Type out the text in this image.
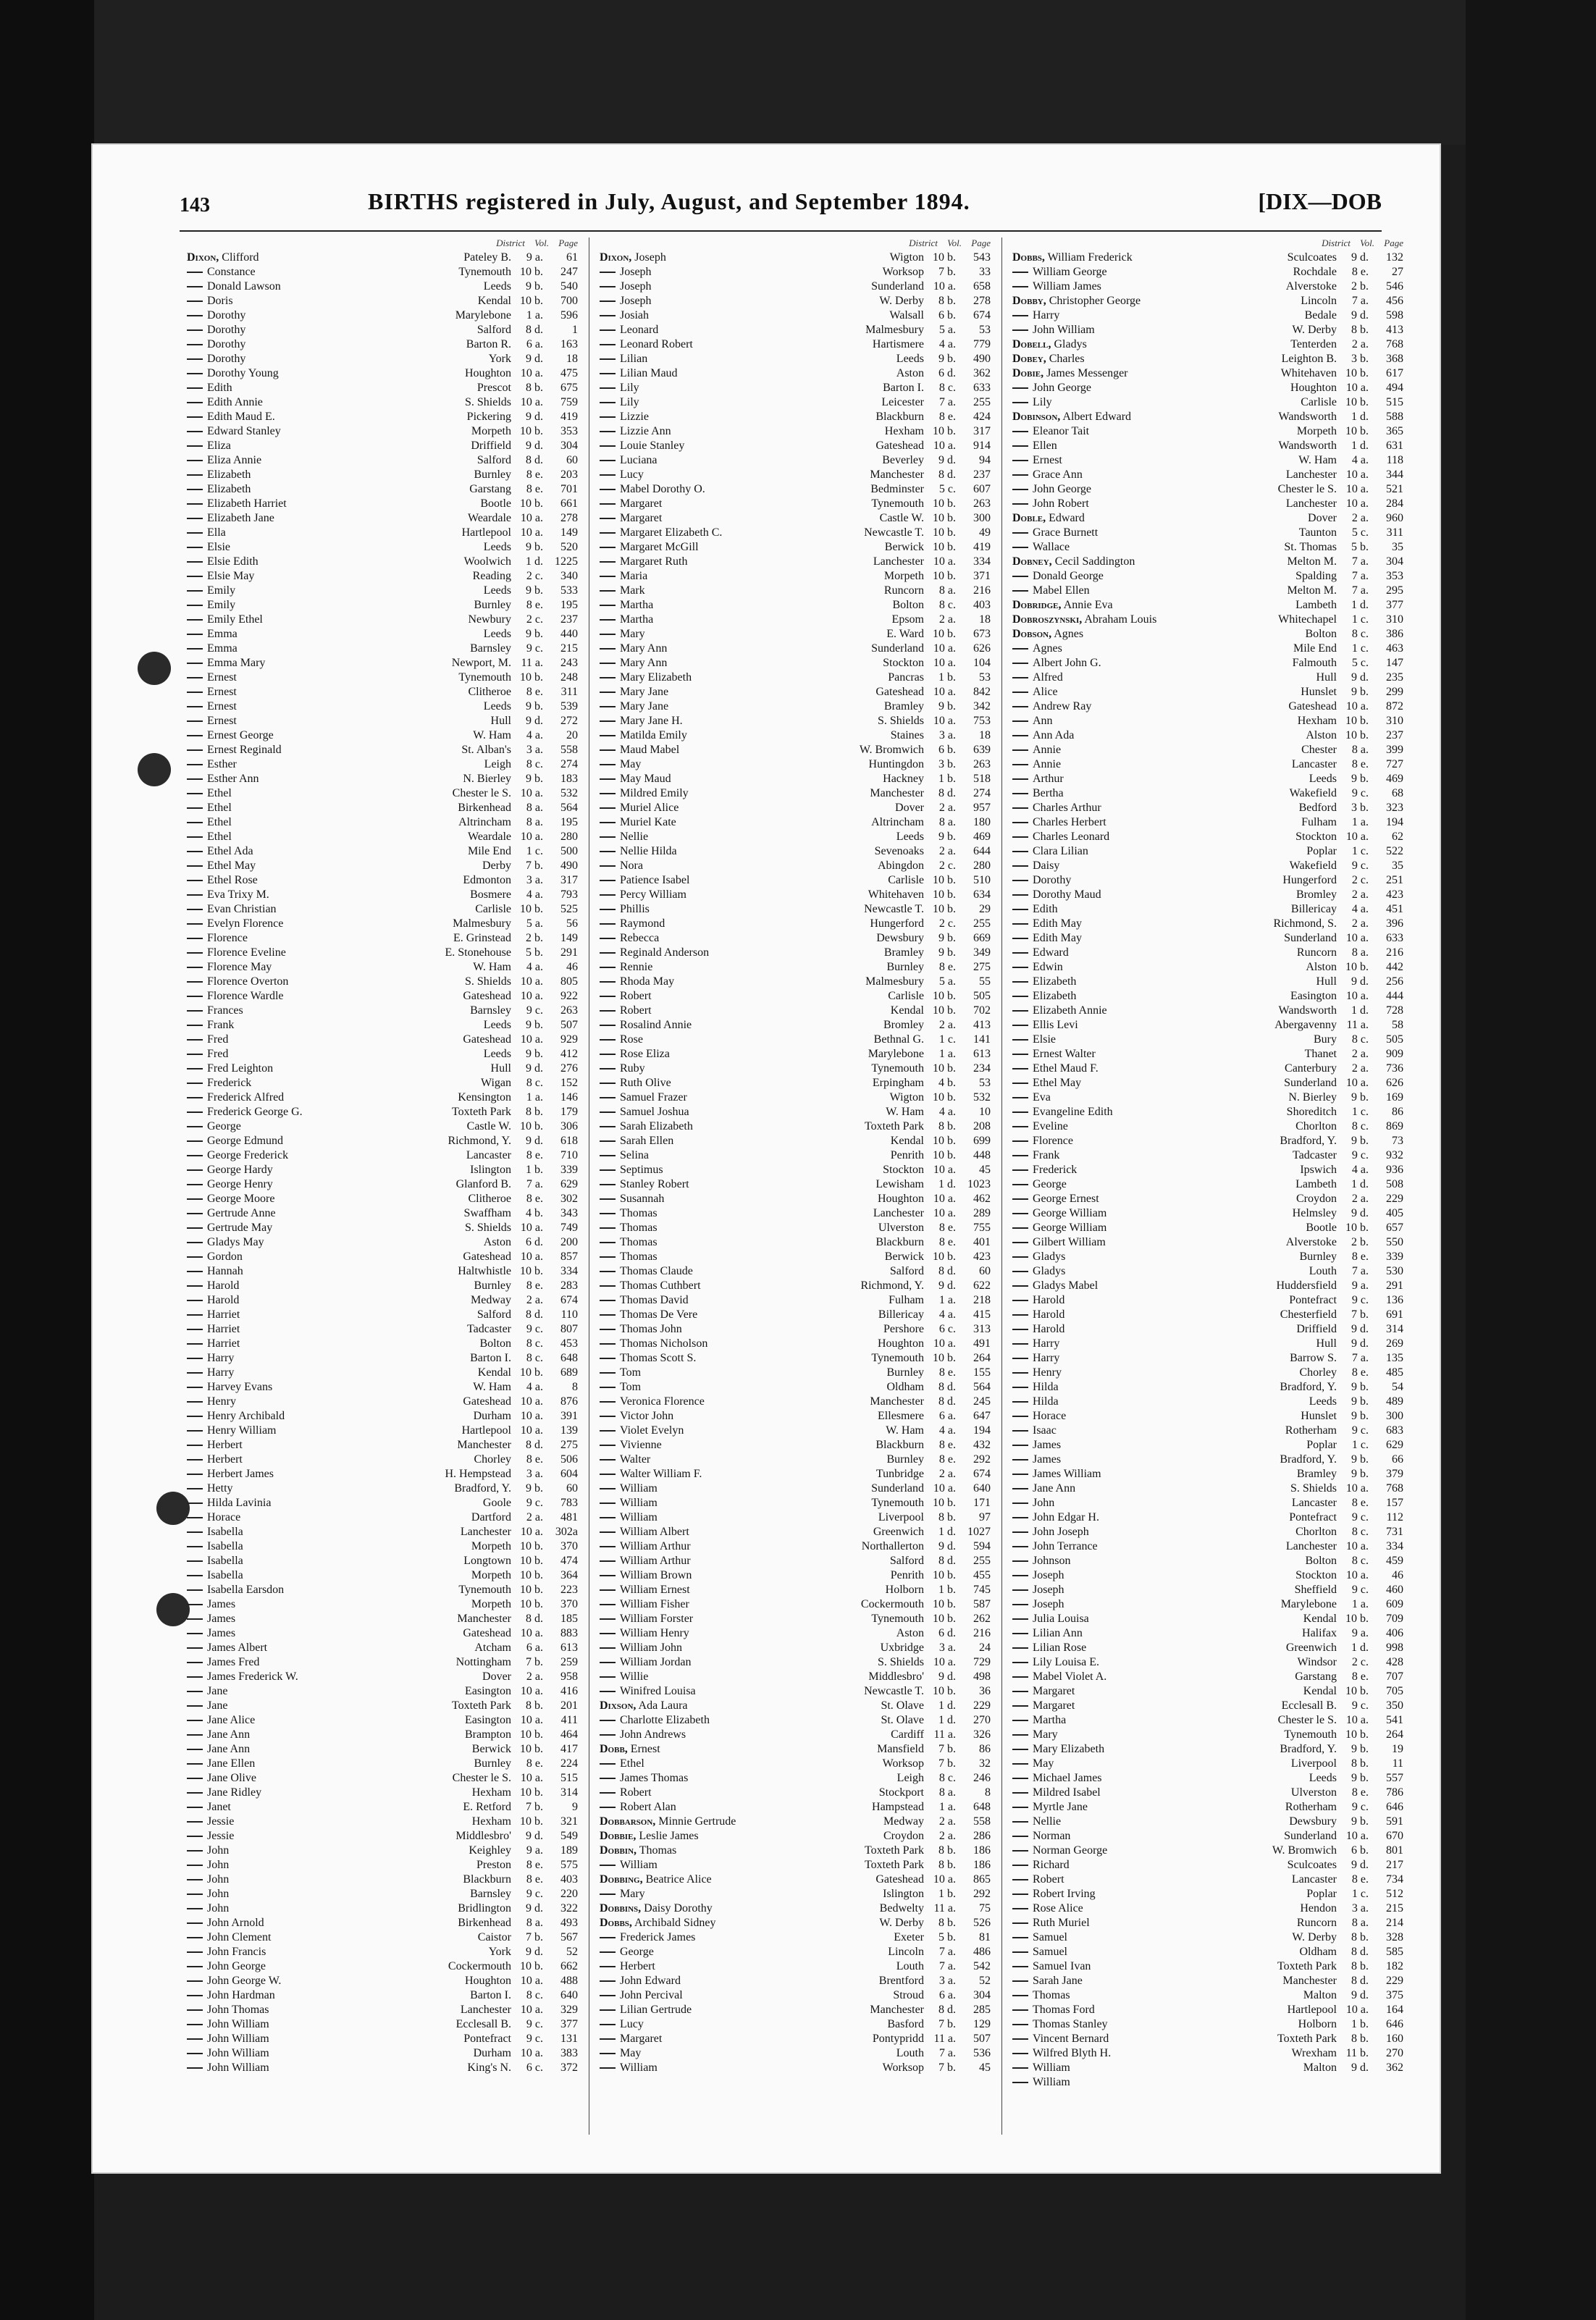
143	BIRTHS registered in July, August, and September 1894.	[DIX—DOB
District Vol. Page
Dixon, Clifford	Pateley B. 9 a. 61
Constance	Tynemouth 10 b. 247
Donald Lawson	Leeds 9 b. 540
Doris	Kendal 10 b. 700
Dorothy	Marylebone 1 a. 596
Dorothy	Salford 8 d.	1
Dorothy	Barton R. 6 a. 163
Dorothy	York 9 d. 18
Dorothy Young	Houghton 10 a. 475
Edith	Prescot 8 b. 675
Edith Annie	S. Shields 10 a. 759
Edith Maud E.	Pickering 9 d. 419
Edward Stanley	Morpeth 10 b. 353
Eliza	Driffield 9 d. 304
Eliza Annie	Salford 8 d. 60
Elizabeth	Burnley 8 e. 203
Elizabeth	Garstang 8 e. 701
Elizabeth Harriet	Bootle 10 b. 661
Elizabeth Jane	Weardale 10 a. 278
Ella	Hartlepool 10 a. 149
Elsie	Leeds 9 b. 520
Elsie Edith	Woolwich 1 d. 1225
Elsie May	Reading 2 c. 340
Emily	Leeds 9 b. 533
Emily	Burnley 8 e. 195
Emily Ethel	Newbury 2 c. 237
Emma	Leeds 9 b. 440
Emma	Barnsley 9 c. 215
Emma Mary	Newport, M. 11 a. 243
Ernest	Tynemouth 10 b. 248
Ernest	Clitheroe 8 e. 311
Ernest	Leeds 9 b. 539
Ernest	Hull 9 d. 272
Ernest George	W. Ham 4 a. 20
Ernest Reginald	St. Alban's 3 a. 558
Esther	Leigh 8 c. 274
Esther Ann	N. Bierley 9 b. 183
Ethel	Chester le S. 10 a. 532
Ethel	Birkenhead 8 a. 564
Ethel	Altrincham 8 a. 195
Ethel	Weardale 10 a. 280
Ethel Ada	Mile End 1 c. 500
Ethel May	Derby 7 b. 490
Ethel Rose	Edmonton 3 a. 317
Eva Trixy M.	Bosmere 4 a. 793
Evan Christian	Carlisle 10 b. 525
Evelyn Florence	Malmesbury 5 a. 56
Florence	E. Grinstead 2 b. 149
Florence Eveline	E. Stonehouse 5 b. 291
Florence May	W. Ham 4 a. 46
Florence Overton	S. Shields 10 a. 805
Florence Wardle	Gateshead 10 a. 922
Frances	Barnsley 9 c. 263
Frank	Leeds 9 b. 507
Fred	Gateshead 10 a. 929
Fred	Leeds 9 b. 412
Fred Leighton	Hull 9 d. 276
Frederick	Wigan 8 c. 152
Frederick Alfred	Kensington 1 a. 146
Frederick George G.	Toxteth Park 8 b. 179
George	Castle W. 10 b. 306
George Edmund	Richmond, Y. 9 d. 618
George Frederick	Lancaster 8 e. 710
George Hardy	Islington 1 b. 339
George Henry	Glanford B. 7 a. 629
George Moore	Clitheroe 8 e. 302
Gertrude Anne	Swaffham 4 b. 343
Gertrude May	S. Shields 10 a. 749
Gladys May	Aston 6 d. 200
Gordon	Gateshead 10 a. 857
Hannah	Haltwhistle 10 b. 334
Harold	Burnley 8 e. 283
Harold	Medway 2 a. 674
Harriet	Salford 8 d. 110
Harriet	Tadcaster 9 c. 807
Harriet	Bolton 8 c. 453
Harry	Barton I. 8 c. 648
Harry	Kendal 10 b. 689
Harvey Evans	W. Ham 4 a.	8
Henry	Gateshead 10 a. 876
Henry Archibald	Durham 10 a. 391
Henry William	Hartlepool 10 a. 139
Herbert	Manchester 8 d. 275
Herbert	Chorley 8 e. 506
Herbert James	H. Hempstead 3 a. 604
Hetty	Bradford, Y. 9 b. 60
Hilda Lavinia	Goole 9 c. 783
Horace	Dartford 2 a. 481
Isabella	Lanchester 10 a. 302a
Isabella	Morpeth 10 b. 370
Isabella	Longtown 10 b. 474
Isabella	Morpeth 10 b. 364
Isabella Earsdon	Tynemouth 10 b. 223
James	Morpeth 10 b. 370
James	Manchester 8 d. 185
James	Gateshead 10 a. 883
James Albert	Atcham 6 a. 613
James Fred	Nottingham 7 b. 259
James Frederick W.	Dover 2 a. 958
Jane	Easington 10 a. 416
Jane	Toxteth Park 8 b. 201
Jane Alice	Easington 10 a. 411
Jane Ann	Brampton 10 b. 464
Jane Ann	Berwick 10 b. 417
Jane Ellen	Burnley 8 e. 224
Jane Olive	Chester le S. 10 a. 515
Jane Ridley	Hexham 10 b. 314
Janet	E. Retford 7 b.	9
Jessie	Hexham 10 b. 321
Jessie	Middlesbro' 9 d. 549
John	Keighley 9 a. 189
John	Preston 8 e. 575
John	Blackburn 8 e. 403
John	Barnsley 9 c. 220
John	Bridlington 9 d. 322
John Arnold	Birkenhead 8 a. 493
John Clement	Caistor 7 b. 567
John Francis	York 9 d. 52
John George	Cockermouth 10 b. 662
John George W.	Houghton 10 a. 488
John Hardman	Barton I. 8 c. 640
John Thomas	Lanchester 10 a. 329
John William	Ecclesall B. 9 c. 377
John William	Pontefract 9 c. 131
John William	Durham 10 a. 383
John William	King's N. 6 c. 372
District Vol. Page
Dixon, Joseph	Wigton 10 b. 543
Joseph	Worksop 7 b. 33
Joseph	Sunderland 10 a. 658
Joseph	W. Derby 8 b. 278
Josiah	Walsall 6 b. 674
Leonard	Malmesbury 5 a. 53
Leonard Robert	Hartismere 4 a. 779
Lilian	Leeds 9 b. 490
Lilian Maud	Aston 6 d. 362
Lily	Barton I. 8 c. 633
Lily	Leicester 7 a. 255
Lizzie	Blackburn 8 e. 424
Lizzie Ann	Hexham 10 b. 317
Louie Stanley	Gateshead 10 a. 914
Luciana	Beverley 9 d. 94
Lucy	Manchester 8 d. 237
Mabel Dorothy O.	Bedminster 5 c. 607
Margaret	Tynemouth 10 b. 263
Margaret	Castle W. 10 b. 300
Margaret Elizabeth C.	Newcastle T. 10 b. 49
Margaret McGill	Berwick 10 b. 419
Margaret Ruth	Lanchester 10 a. 334
Maria	Morpeth 10 b. 371
Mark	Runcorn 8 a. 216
Martha	Bolton 8 c. 403
Martha	Epsom 2 a. 18
Mary	E. Ward 10 b. 673
Mary Ann	Sunderland 10 a. 626
Mary Ann	Stockton 10 a. 104
Mary Elizabeth	Pancras 1 b. 53
Mary Jane	Gateshead 10 a. 842
Mary Jane	Bramley 9 b. 342
Mary Jane H.	S. Shields 10 a. 753
Matilda Emily	Staines 3 a. 18
Maud Mabel	W. Bromwich 6 b. 639
May	Huntingdon 3 b. 263
May Maud	Hackney 1 b. 518
Mildred Emily	Manchester 8 d. 274
Muriel Alice	Dover 2 a. 957
Muriel Kate	Altrincham 8 a. 180
Nellie	Leeds 9 b. 469
Nellie Hilda	Sevenoaks 2 a. 644
Nora	Abingdon 2 c. 280
Patience Isabel	Carlisle 10 b. 510
Percy William	Whitehaven 10 b. 634
Phillis	Newcastle T. 10 b. 29
Raymond	Hungerford 2 c. 255
Rebecca	Dewsbury 9 b. 669
Reginald Anderson	Bramley 9 b. 349
Rennie	Burnley 8 e. 275
Rhoda May	Malmesbury 5 a. 55
Robert	Carlisle 10 b. 505
Robert	Kendal 10 b. 702
Rosalind Annie	Bromley 2 a. 413
Rose	Bethnal G. 1 c. 141
Rose Eliza	Marylebone 1 a. 613
Ruby	Tynemouth 10 b. 234
Ruth Olive	Erpingham 4 b. 53
Samuel Frazer	Wigton 10 b. 532
Samuel Joshua	W. Ham 4 a. 10
Sarah Elizabeth	Toxteth Park 8 b. 208
Sarah Ellen	Kendal 10 b. 699
Selina	Penrith 10 b. 448
Septimus	Stockton 10 a. 45
Stanley Robert	Lewisham 1 d. 1023
Susannah	Houghton 10 a. 462
Thomas	Lanchester 10 a. 289
Thomas	Ulverston 8 e. 755
Thomas	Blackburn 8 e. 401
Thomas	Berwick 10 b. 423
Thomas Claude	Salford 8 d. 60
Thomas Cuthbert	Richmond, Y. 9 d. 622
Thomas David	Fulham 1 a. 218
Thomas De Vere	Billericay 4 a. 415
Thomas John	Pershore 6 c. 313
Thomas Nicholson	Houghton 10 a. 491
Thomas Scott S.	Tynemouth 10 b. 264
Tom	Burnley 8 e. 155
Tom	Oldham 8 d. 564
Veronica Florence	Manchester 8 d. 245
Victor John	Ellesmere 6 a. 647
Violet Evelyn	W. Ham 4 a. 194
Vivienne	Blackburn 8 e. 432
Walter	Burnley 8 e. 292
Walter William F.	Tunbridge 2 a. 674
William	Sunderland 10 a. 640
William	Tynemouth 10 b. 171
William	Liverpool 8 b. 97
William Albert	Greenwich 1 d. 1027
William Arthur	Northallerton 9 d. 594
William Arthur	Salford 8 d. 255
William Brown	Penrith 10 b. 455
William Ernest	Holborn 1 b. 745
William Fisher	Cockermouth 10 b. 587
William Forster	Tynemouth 10 b. 262
William Henry	Aston 6 d. 216
William John	Uxbridge 3 a. 24
William Jordan	S. Shields 10 a. 729
Willie	Middlesbro' 9 d. 498
Winifred Louisa	Newcastle T. 10 b. 36
Dixson, Ada Laura	St. Olave 1 d. 229
Charlotte Elizabeth	St. Olave 1 d. 270
John Andrews	Cardiff 11 a. 326
Dobb, Ernest	Mansfield 7 b. 86
Ethel	Worksop 7 b. 32
James Thomas	Leigh 8 c. 246
Robert	Stockport 8 a.	8
Robert Alan	Hampstead 1 a. 648
Dobbarson, Minnie Gertrude	Medway 2 a. 558
Dobbie, Leslie James	Croydon 2 a. 286
Dobbin, Thomas	Toxteth Park 8 b. 186
William	Toxteth Park 8 b. 186
Dobbing, Beatrice Alice	Gateshead 10 a. 865
Mary	Islington 1 b. 292
Dobbins, Daisy Dorothy	Bedwelty 11 a. 75
Dobbs, Archibald Sidney	W. Derby 8 b. 526
Frederick James	Exeter 5 b. 81
George	Lincoln 7 a. 486
Herbert	Louth 7 a. 542
John Edward	Brentford 3 a. 52
John Percival	Stroud 6 a. 304
Lilian Gertrude	Manchester 8 d. 285
Lucy	Basford 7 b. 129
Margaret	Pontypridd 11 a. 507
May	Louth 7 a. 536
William	Worksop 7 b. 45
District Vol. Page
Dobbs, William Frederick	Sculcoates 9 d. 132
William George	Rochdale 8 e. 27
William James	Alverstoke 2 b. 546
Dobby, Christopher George	Lincoln 7 a. 456
Harry	Bedale 9 d. 598
John William	W. Derby 8 b. 413
Dobell, Gladys	Tenterden 2 a. 768
Dobey, Charles	Leighton B. 3 b. 368
Dobie, James Messenger	Whitehaven 10 b. 617
John George	Houghton 10 a. 494
Lily	Carlisle 10 b. 515
Dobinson, Albert Edward	Wandsworth 1 d. 588
Eleanor Tait	Morpeth 10 b. 365
Ellen	Wandsworth 1 d. 631
Ernest	W. Ham 4 a. 118
Grace Ann	Lanchester 10 a. 344
John George	Chester le S. 10 a. 521
John Robert	Lanchester 10 a. 284
Doble, Edward	Dover 2 a. 960
Grace Burnett	Taunton 5 c. 311
Wallace	St. Thomas 5 b. 35
Dobney, Cecil Saddington	Melton M. 7 a. 304
Donald George	Spalding 7 a. 353
Mabel Ellen	Melton M. 7 a. 295
Dobridge, Annie Eva	Lambeth 1 d. 377
Dobroszynski, Abraham Louis	Whitechapel 1 c. 310
Dobson, Agnes	Bolton 8 c. 386
Agnes	Mile End 1 c. 463
Albert John G.	Falmouth 5 c. 147
Alfred	Hull 9 d. 235
Alice	Hunslet 9 b. 299
Andrew Ray	Gateshead 10 a. 872
Ann	Hexham 10 b. 310
Ann Ada	Alston 10 b. 237
Annie	Chester 8 a. 399
Annie	Lancaster 8 e. 727
Arthur	Leeds 9 b. 469
Bertha	Wakefield 9 c. 68
Charles Arthur	Bedford 3 b. 323
Charles Herbert	Fulham 1 a. 194
Charles Leonard	Stockton 10 a. 62
Clara Lilian	Poplar 1 c. 522
Daisy	Wakefield 9 c. 35
Dorothy	Hungerford 2 c. 251
Dorothy Maud	Bromley 2 a. 423
Edith	Billericay 4 a. 451
Edith May	Richmond, S. 2 a. 396
Edith May	Sunderland 10 a. 633
Edward	Runcorn 8 a. 216
Edwin	Alston 10 b. 442
Elizabeth	Hull 9 d. 256
Elizabeth	Easington 10 a. 444
Elizabeth Annie	Wandsworth 1 d. 728
Ellis Levi	Abergavenny 11 a. 58
Elsie	Bury 8 c. 505
Ernest Walter	Thanet 2 a. 909
Ethel Maud F.	Canterbury 2 a. 736
Ethel May	Sunderland 10 a. 626
Eva	N. Bierley 9 b. 169
Evangeline Edith	Shoreditch 1 c. 86
Eveline	Chorlton 8 c. 869
Florence	Bradford, Y. 9 b. 73
Frank	Tadcaster 9 c. 932
Frederick	Ipswich 4 a. 936
George	Lambeth 1 d. 508
George Ernest	Croydon 2 a. 229
George William	Helmsley 9 d. 405
George William	Bootle 10 b. 657
Gilbert William	Alverstoke 2 b. 550
Gladys	Burnley 8 e. 339
Gladys	Louth 7 a. 530
Gladys Mabel	Huddersfield 9 a. 291
Harold	Pontefract 9 c. 136
Harold	Chesterfield 7 b. 691
Harold	Driffield 9 d. 314
Harry	Hull 9 d. 269
Harry	Barrow S. 7 a. 135
Henry	Chorley 8 e. 485
Hilda	Bradford, Y. 9 b. 54
Hilda	Leeds 9 b. 489
Horace	Hunslet 9 b. 300
Isaac	Rotherham 9 c. 683
James	Poplar 1 c. 629
James	Bradford, Y. 9 b. 66
James William	Bramley 9 b. 379
Jane Ann	S. Shields 10 a. 768
John	Lancaster 8 e. 157
John Edgar H.	Pontefract 9 c. 112
John Joseph	Chorlton 8 c. 731
John Terrance	Lanchester 10 a. 334
Johnson	Bolton 8 c. 459
Joseph	Stockton 10 a. 46
Joseph	Sheffield 9 c. 460
Joseph	Marylebone 1 a. 609
Julia Louisa	Kendal 10 b. 709
Lilian Ann	Halifax 9 a. 406
Lilian Rose	Greenwich 1 d. 998
Lily Louisa E.	Windsor 2 c. 428
Mabel Violet A.	Garstang 8 e. 707
Margaret	Kendal 10 b. 705
Margaret	Ecclesall B. 9 c. 350
Martha	Chester le S. 10 a. 541
Mary	Tynemouth 10 b. 264
Mary Elizabeth	Bradford, Y. 9 b. 19
May	Liverpool 8 b. 11
Michael James	Leeds 9 b. 557
Mildred Isabel	Ulverston 8 e. 786
Myrtle Jane	Rotherham 9 c. 646
Nellie	Dewsbury 9 b. 591
Norman	Sunderland 10 a. 670
Norman George	W. Bromwich 6 b. 801
Richard	Sculcoates 9 d. 217
Robert	Lancaster 8 e. 734
Robert Irving	Poplar 1 c. 512
Rose Alice	Hendon 3 a. 215
Ruth Muriel	Runcorn 8 a. 214
Samuel	W. Derby 8 b. 328
Samuel	Oldham 8 d. 585
Samuel Ivan	Toxteth Park 8 b. 182
Sarah Jane	Manchester 8 d. 229
Thomas	Malton 9 d. 375
Thomas Ford	Hartlepool 10 a. 164
Thomas Stanley	Holborn 1 b. 646
Vincent Bernard	Toxteth Park 8 b. 160
Wilfred Blyth H.	Wrexham 11 b. 270
William	Malton 9 d. 362
William
